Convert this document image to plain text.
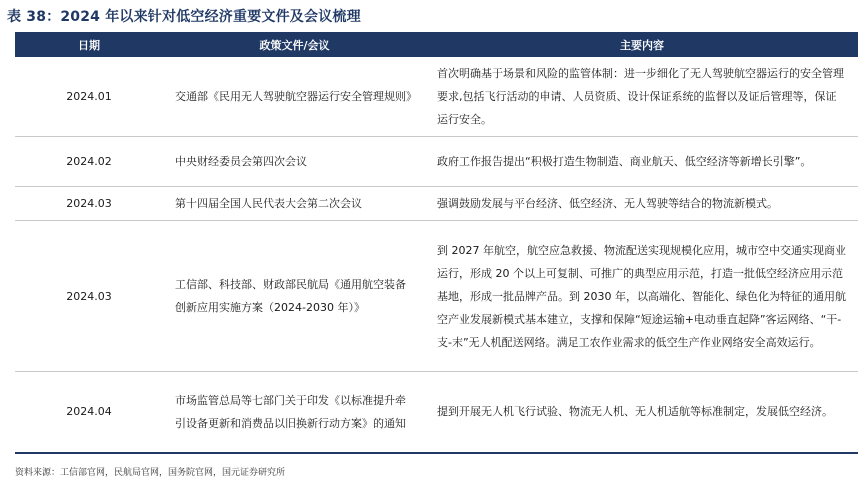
表 38：2024 年以来针对低空经济重要文件及会议梳理
日期	政策文件/会议	主要内容
2024.01	交通部《民用无人驾驶航空器运行安全管理规则》	首次明确基于场景和风险的监管体制：进一步细化了无人驾驶航空器运行的安全管理要求,包括飞行活动的申请、人员资质、设计保证系统的监督以及证后管理等，保证运行安全。
2024.02	中央财经委员会第四次会议	政府工作报告提出“积极打造生物制造、商业航天、低空经济等新增长引擎”。
2024.03	第十四届全国人民代表大会第二次会议	强调鼓励发展与平台经济、低空经济、无人驾驶等结合的物流新模式。
2024.03	工信部、科技部、财政部民航局《通用航空装备创新应用实施方案（2024-2030 年）》	到 2027 年航空，航空应急救援、物流配送实现规模化应用，城市空中交通实现商业运行，形成 20 个以上可复制、可推广的典型应用示范，打造一批低空经济应用示范基地，形成一批品牌产品。到 2030 年，以高端化、智能化、绿色化为特征的通用航空产业发展新模式基本建立，支撑和保障“短途运输+电动垂直起降”客运网络、“干-支-末”无人机配送网络。满足工农作业需求的低空生产作业网络安全高效运行。
2024.04	市场监管总局等七部门关于印发《以标准提升牵引设备更新和消费品以旧换新行动方案》的通知	提到开展无人机飞行试验、物流无人机、无人机适航等标准制定，发展低空经济。
资料来源：工信部官网，民航局官网，国务院官网，国元证券研究所
